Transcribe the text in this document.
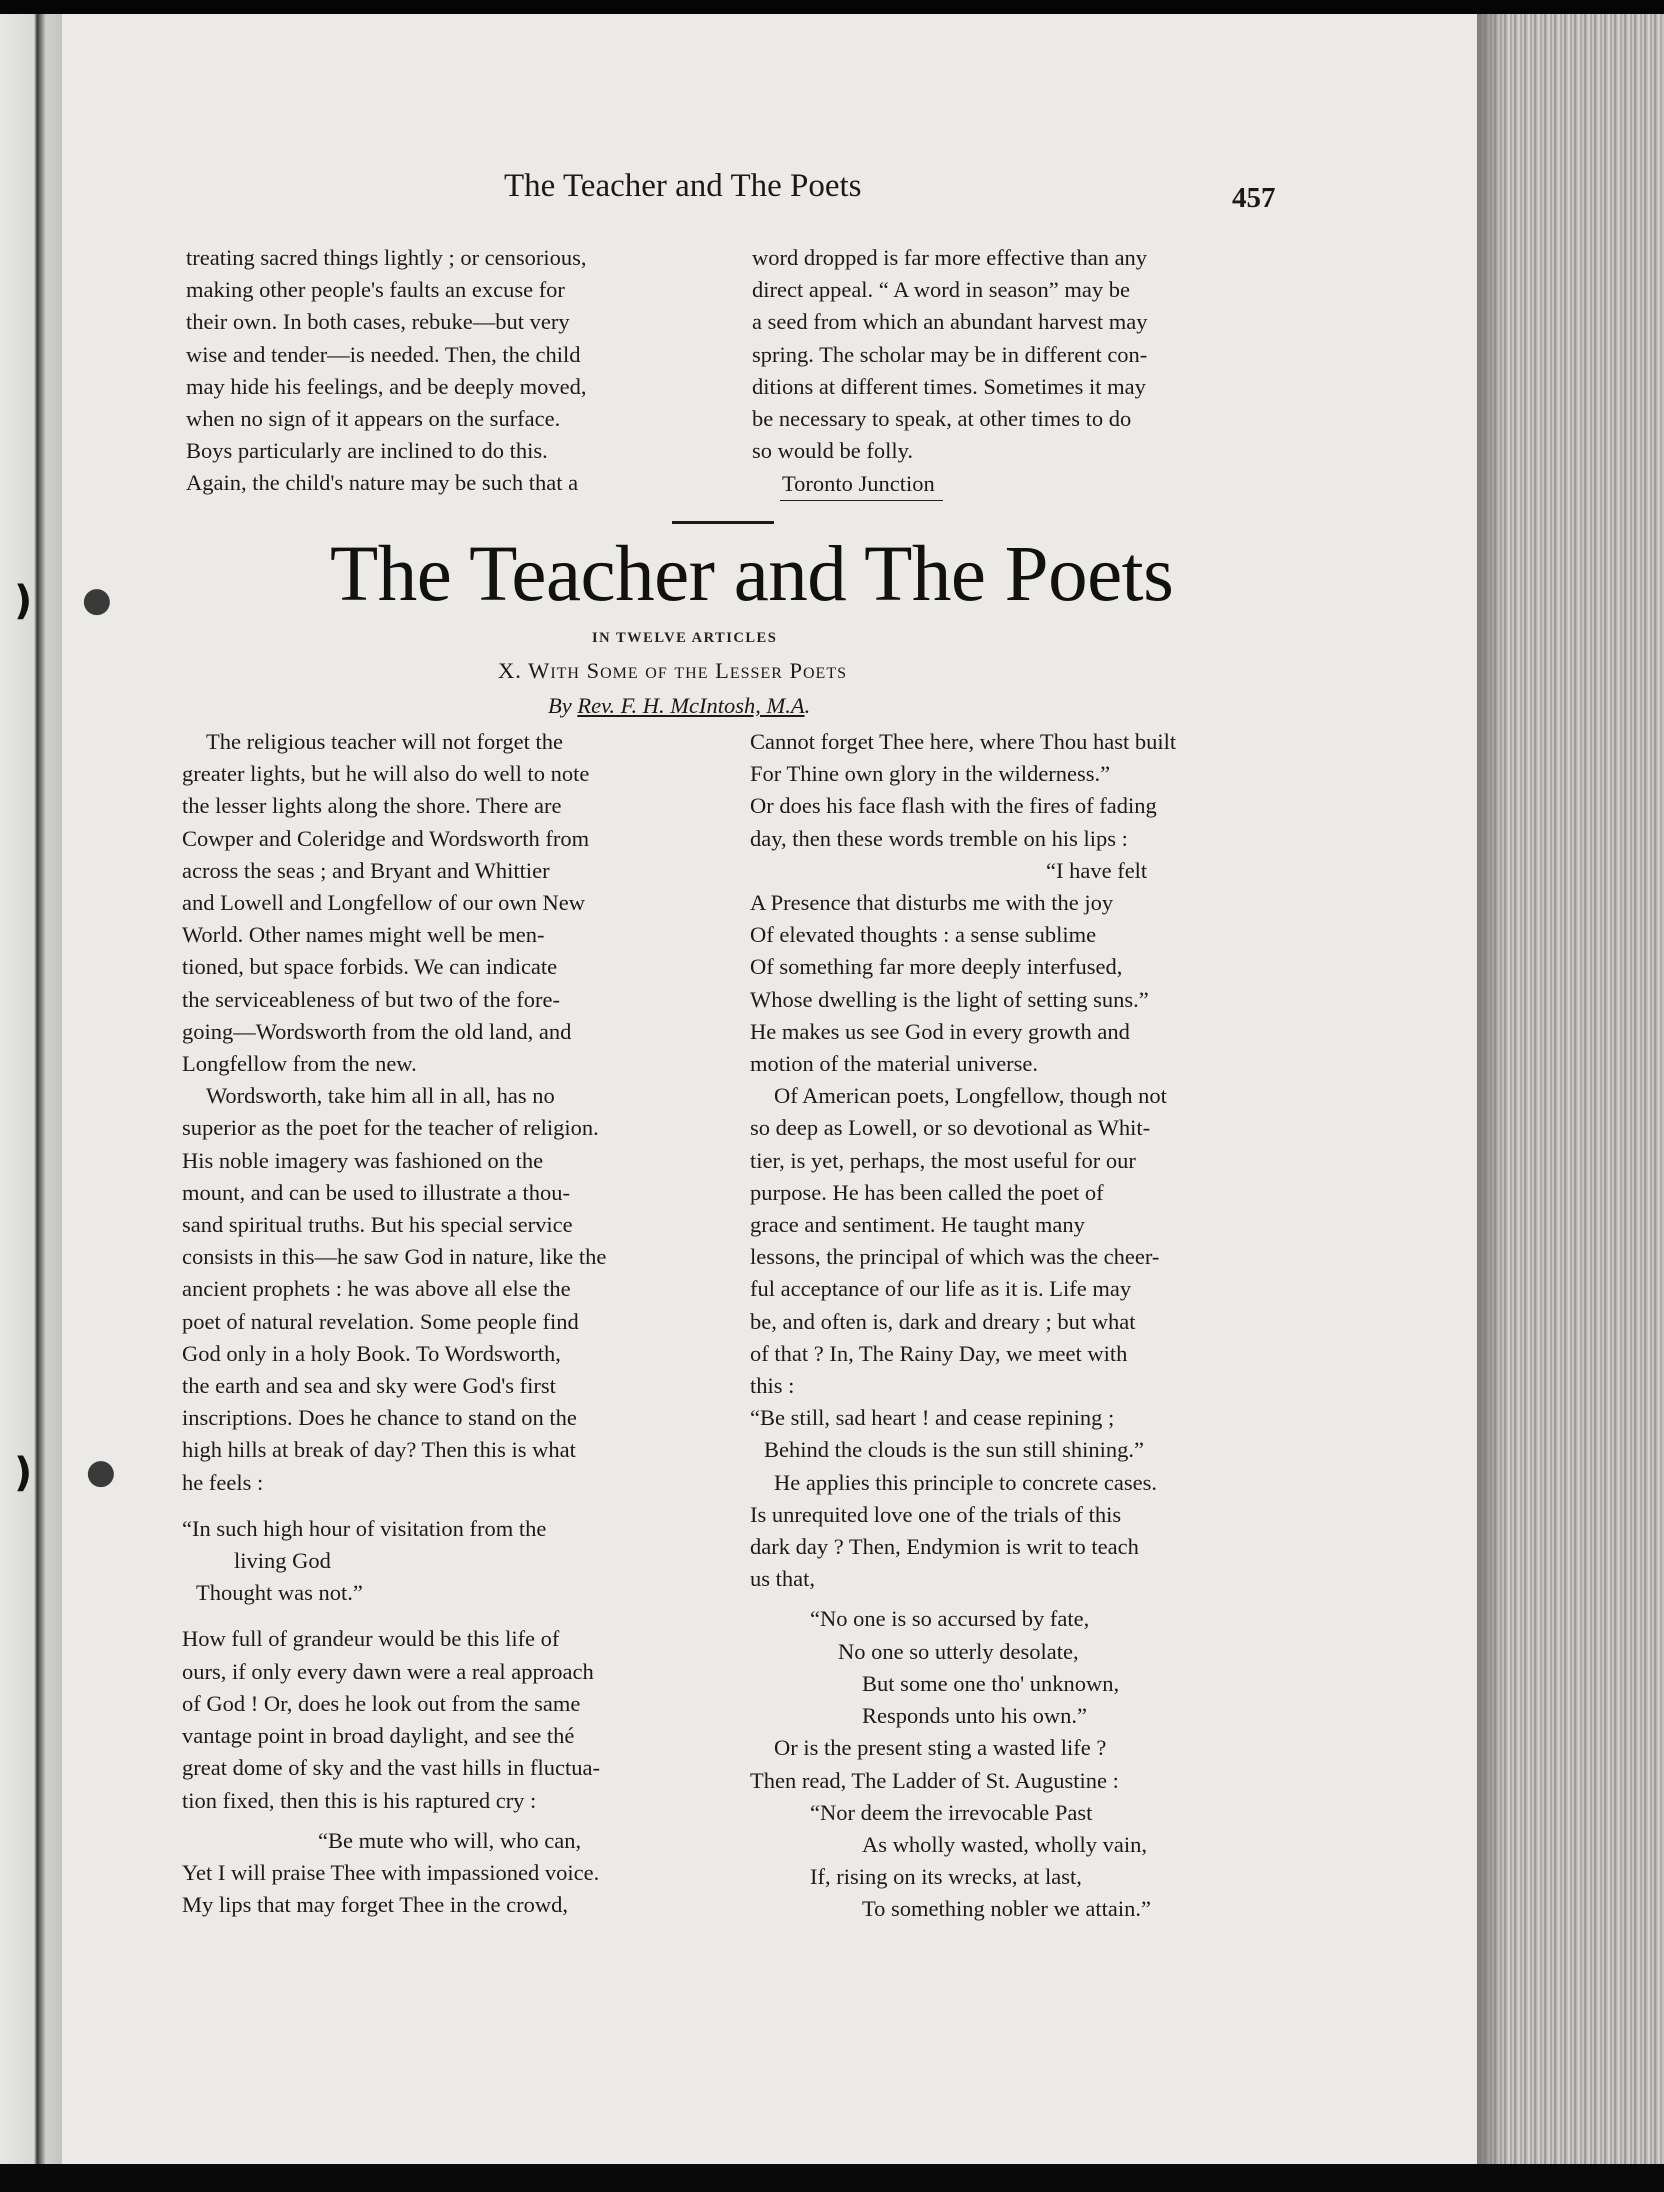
) ●
) ●
The Teacher and The Poets	457
treating sacred things lightly ; or censorious,
making other people's faults an excuse for
their own. In both cases, rebuke—but very
wise and tender—is needed. Then, the child
may hide his feelings, and be deeply moved,
when no sign of it appears on the surface.
Boys particularly are inclined to do this.
Again, the child's nature may be such that a
word dropped is far more effective than any
direct appeal. “ A word in season” may be
a seed from which an abundant harvest may
spring. The scholar may be in different con-
ditions at different times. Sometimes it may
be necessary to speak, at other times to do
so would be folly.
Toronto Junction
The Teacher and The Poets
IN TWELVE ARTICLES
X. With Some of the Lesser Poets
By Rev. F. H. McIntosh, M.A.
The religious teacher will not forget the
greater lights, but he will also do well to note
the lesser lights along the shore. There are
Cowper and Coleridge and Wordsworth from
across the seas ; and Bryant and Whittier
and Lowell and Longfellow of our own New
World. Other names might well be men-
tioned, but space forbids. We can indicate
the serviceableness of but two of the fore-
going—Wordsworth from the old land, and
Longfellow from the new.
Wordsworth, take him all in all, has no
superior as the poet for the teacher of religion.
His noble imagery was fashioned on the
mount, and can be used to illustrate a thou-
sand spiritual truths. But his special service
consists in this—he saw God in nature, like the
ancient prophets : he was above all else the
poet of natural revelation. Some people find
God only in a holy Book. To Wordsworth,
the earth and sea and sky were God's first
inscriptions. Does he chance to stand on the
high hills at break of day? Then this is what
he feels :
“In such high hour of visitation from the
living God
Thought was not.”
How full of grandeur would be this life of
ours, if only every dawn were a real approach
of God ! Or, does he look out from the same
vantage point in broad daylight, and see thé
great dome of sky and the vast hills in fluctua-
tion fixed, then this is his raptured cry :
“Be mute who will, who can,
Yet I will praise Thee with impassioned voice.
My lips that may forget Thee in the crowd,
Cannot forget Thee here, where Thou hast built
For Thine own glory in the wilderness.”
Or does his face flash with the fires of fading
day, then these words tremble on his lips :
“I have felt
A Presence that disturbs me with the joy
Of elevated thoughts : a sense sublime
Of something far more deeply interfused,
Whose dwelling is the light of setting suns.”
He makes us see God in every growth and
motion of the material universe.
Of American poets, Longfellow, though not
so deep as Lowell, or so devotional as Whit-
tier, is yet, perhaps, the most useful for our
purpose. He has been called the poet of
grace and sentiment. He taught many
lessons, the principal of which was the cheer-
ful acceptance of our life as it is. Life may
be, and often is, dark and dreary ; but what
of that ? In, The Rainy Day, we meet with
this :
“Be still, sad heart ! and cease repining ;
Behind the clouds is the sun still shining.”
He applies this principle to concrete cases.
Is unrequited love one of the trials of this
dark day ? Then, Endymion is writ to teach
us that,
“No one is so accursed by fate,
No one so utterly desolate,
But some one tho' unknown,
Responds unto his own.”
Or is the present sting a wasted life ?
Then read, The Ladder of St. Augustine :
“Nor deem the irrevocable Past
As wholly wasted, wholly vain,
If, rising on its wrecks, at last,
To something nobler we attain.”
